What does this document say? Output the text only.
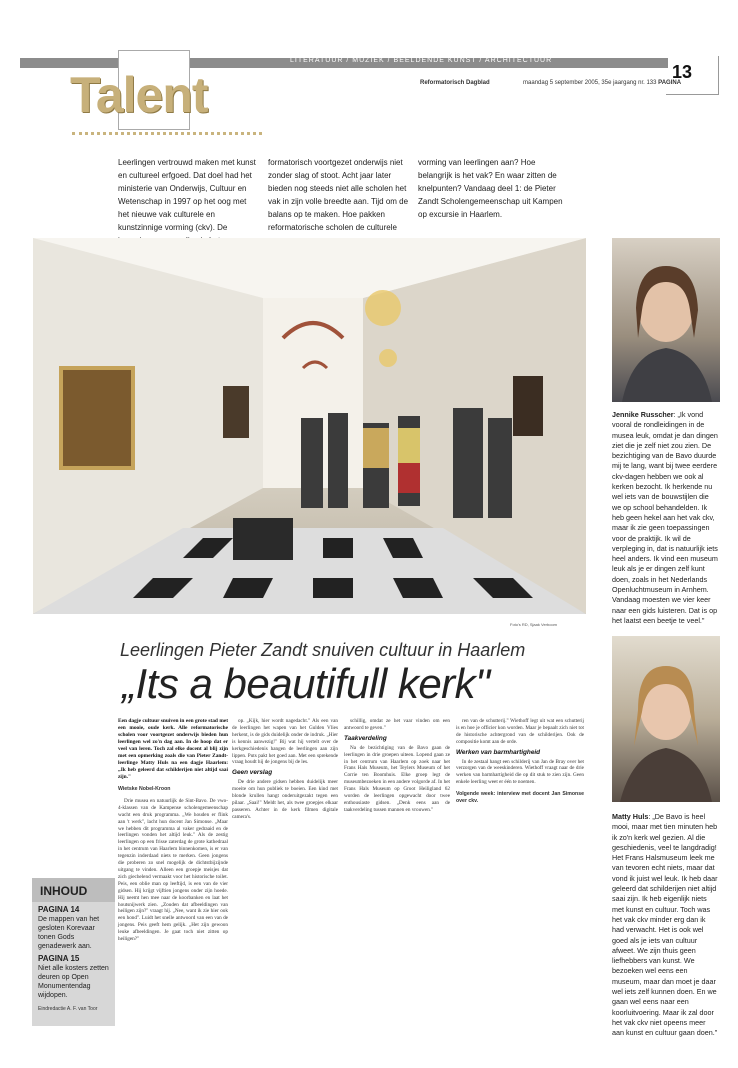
LITERATUUR / MUZIEK / BEELDENDE KUNST / ARCHITECTUUR
Talent	Reformatorisch Dagblad	maandag 5 september 2005, 35e jaargang nr. 133 PAGINA
13
Leerlingen vertrouwd maken met kunst en cultureel erfgoed. Dat doel had het ministerie van Onderwijs, Cultuur en Wetenschap in 1997 op het oog met het nieuwe vak culturele en kunstzinnige vorming (ckv). De
formatorisch voortgezet onderwijs niet zonder slag of stoot. Acht jaar later bieden nog steeds niet alle scholen het vak in zijn volle breedte aan. Tijd om de balans op te maken. Hoe pakken reformatorische scholen de culturele
vorming van leerlingen aan? Hoe belangrijk is het vak? En waar zitten de knelpunten? Vandaag deel 1: de Pieter Zandt Scholengemeenschap uit Kampen op excursie in Haarlem.
Foto's RD, Sjaak Verboom
Jennike Russcher: „Ik vond vooral de rondleidingen in de musea leuk, omdat je dan dingen ziet die je zelf niet zou zien. De bezichtiging van de Bavo duurde mij te lang, want bij twee eerdere ckv-dagen hebben we ook al kerken bezocht. Ik herkende nu wel iets van de bouwstijlen die we op school behandelden. Ik heb geen hekel aan het vak ckv, maar ik zie geen toepassingen voor de praktijk. Ik wil de verpleging in, dat is natuurlijk iets heel anders. Ik vind een museum leuk als je er dingen zelf kunt doen, zoals in het Nederlands Openluchtmuseum in Arnhem. Vandaag moesten we vier keer naar een gids luisteren. Dat is op het laatst een beetje te veel."
Matty Huls: „De Bavo is heel mooi, maar met tien minuten heb ik zo'n kerk wel gezien. Al die geschiedenis, veel te langdradig! Het Frans Halsmuseum leek me van tevoren echt niets, maar dat vond ik juist wel leuk. Ik heb daar geleerd dat schilderijen niet altijd saai zijn. Ik heb eigenlijk niets met kunst en cultuur. Toch was het vak ckv minder erg dan ik had verwacht. Het is ook wel goed als je iets van cultuur afweet. We zijn thuis geen liefhebbers van kunst. We bezoeken wel eens een museum, maar dan moet je daar wel iets zelf kunnen doen. En we gaan wel eens naar een koorluitvoering. Maar ik zal door het vak ckv niet opeens meer aan kunst en cultuur gaan doen."
Leerlingen Pieter Zandt snuiven cultuur in Haarlem
„Its a beautifull kerk"
Een dagje cultuur snuiven in een grote stad met een mooie, oude kerk. Alle reformatorische scholen voor voortgezet onderwijs bieden hun leerlingen wel zo'n dag aan. In de hoop dat er veel van leren. Toch zal elke docent al blij zijn met een opmerking zoals die van Pieter Zandt-leerlinge Matty Huls na een dagje Haarlem: „Ik heb geleerd dat schilderijen niet altijd saai zijn."
Wietske Nobel-Kroon

Drie musea en natuurlijk de Sint-Bavo. De vwo-4-klassen van de Kampense scholengemeenschap wacht een druk programma. „We houden er flink aan 't werk", lacht hun docent Jan Simonse. „Maar we hebben dit programma al vaker gedraaid en de leerlingen vonden het altijd leuk." Als de zestig leerlingen op een frisse zaterdag de grote kathedraal in het centrum van Haarlem binnenkomen, is er van tegenzin inderdaad niets te merken. Geen jongens die proberen zo snel mogelijk de dichtstbijzijnde uitgang te vinden. Alleen een groepje meisjes dat zich giechelend vermaakt voor het historische toilet. Peis, een oblie man op leeftijd, is een van de vier gidsen. Hij krijgt vijftien jongens onder zijn hoede. Hij neemt hen mee naar de koorbanken en laat het houtsnijwerk zien. „Zouden dat afbeeldingen van heiligen zijn?" vraagt hij. „Nee, want ik zie hier ook een hond". Luidt het snelle antwoord van een van de jongens. Peis geeft hem gelijk. „Het zijn gewoon leuke afbeeldingen. Je gaat toch niet zitten op heiligen?"

op. „Kijk, hier wordt nagedacht." Als een van de leerlingen het wapen van het Gulden Vlies herkent, is de gids duidelijk onder de indruk. „Hier is kennis aanwezig!" Bij wat hij vertelt over de kerkgeschiedenis hangen de leerlingen aan zijn lippen. Puts pakt het goed aan. Met een sprekende vraag houdt hij de jongens bij de les.

Geen verslag

De drie andere gidsen hebben duidelijk meer moeite om hun publiek te boeien. Een kind met blonde krullen hangt onderuitgezakt tegen een pilaar. „Saai!" Meldt het, als twee groepjes elkaar passeren. Achter in de kerk filmen digitale camera's.

schillig, omdat ze het vaar vinden om een antwoord te geven."

Taakverdeling

Na de bezichtiging van de Bavo gaan de leerlingen in drie groepen uiteen. Lopend gaan ze in het centrum van Haarlem op zoek naar het Frans Hals Museum, het Teylers Museum of het Corrie ten Boomhuis. Elke groep legt de museumbezoeken in een andere volgorde af. In het Frans Hals Museum op Groot Heiligland 62 worden de leerlingen opgewacht door twee enthousiaste gidsen. „Denk eens aan de taakverdeling tussen mannen en vrouwen."

ren van de schutterij." Wiethoff legt uit wat een schutterij is en hoe je officier kon worden. Maar je bepaalt zich niet tot de historische achtergrond van de schilderijen. Ook de compositie komt aan de orde.

Werken van barmhartigheid

In de zestaal hangt een schilderij van Jan de Bray over het verzorgen van de weeskinderen. Wiethoff vraagt naar de drie werken van barmhartigheid die op dit stuk te zien zijn. Geen enkele leerling weet er één te noemen.

Volgende week: interview met docent Jan Simonse over ckv.
INHOUD
PAGINA 14
De mappen van het gesloten Korevaar tonen Gods genadewerk aan.
PAGINA 15
Niet alle kosters zetten deuren op Open Monumentendag wijdopen.
Eindredactie A. F. van Toor
